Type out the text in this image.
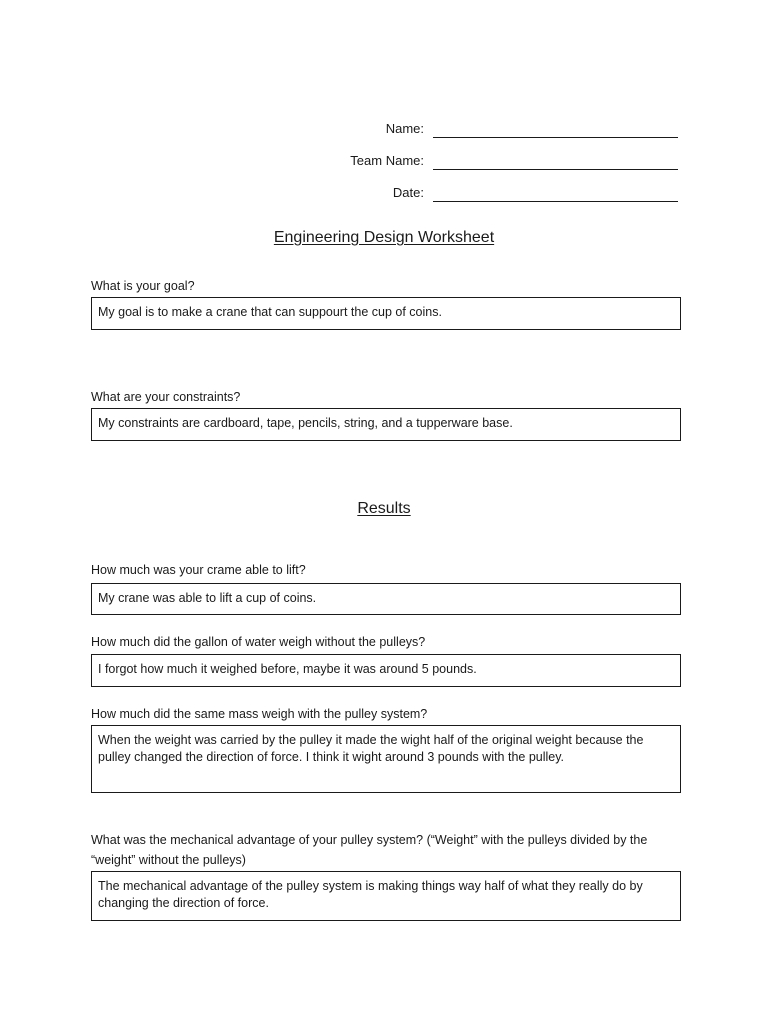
Name:
Team Name:
Date:
Engineering Design Worksheet
What is your goal?
My goal is to make a crane that can suppourt the cup of coins.
What are your constraints?
My constraints are cardboard, tape, pencils, string, and a tupperware base.
Results
How much was your crame able to lift?
My crane was able to lift a cup of coins.
How much did the gallon of water weigh without the pulleys?
I forgot how much it weighed before, maybe it was around 5 pounds.
How much did the same mass weigh with the pulley system?
When the weight was carried by the pulley it made the wight half of the original weight because the pulley changed the direction of force. I think it wight around 3 pounds with the pulley.
What was the mechanical advantage of your pulley system? (“Weight” with the pulleys divided by the “weight” without the pulleys)
The mechanical advantage of the pulley system is making things way half of what they really do by changing the direction of force.
